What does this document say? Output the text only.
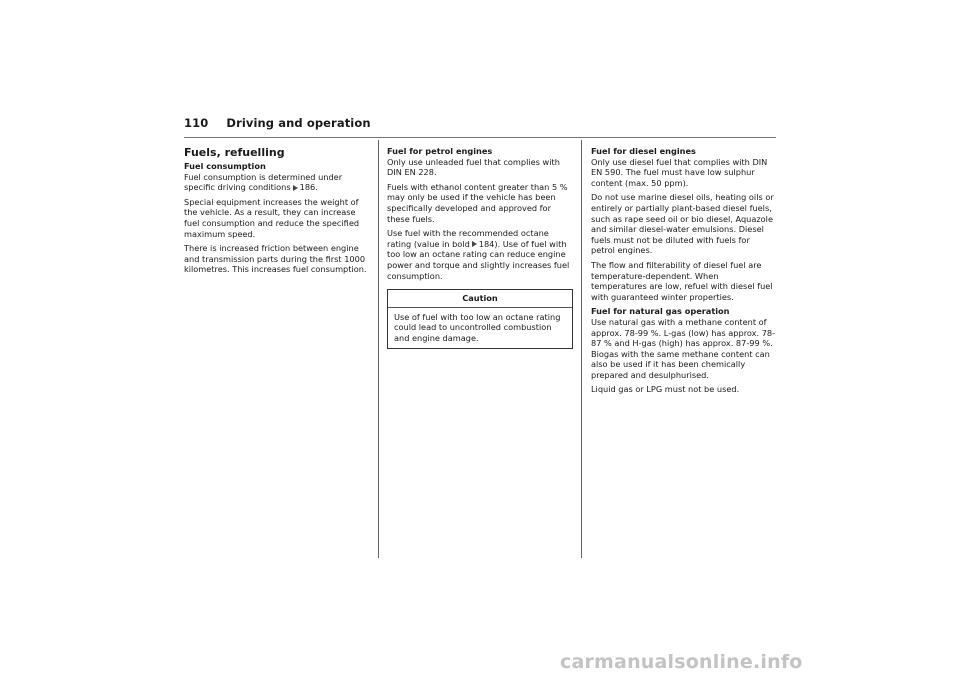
110 Driving and operation
Fuels, refuelling

Fuel consumption
Fuel consumption is determined under specific driving conditions 186.

Special equipment increases the weight of the vehicle. As a result, they can increase fuel consumption and reduce the specified maximum speed.

There is increased friction between engine and transmission parts during the first 1000 kilometres. This increases fuel consumption.

Fuel for petrol engines
Only use unleaded fuel that complies with DIN EN 228.

Fuels with ethanol content greater than 5 % may only be used if the vehicle has been specifically developed and approved for these fuels.

Use fuel with the recommended octane rating (value in bold 184). Use of fuel with too low an octane rating can reduce engine power and torque and slightly increases fuel consumption.

Caution
Use of fuel with too low an octane rating could lead to uncontrolled combustion and engine damage.

Fuel for diesel engines
Only use diesel fuel that complies with DIN EN 590. The fuel must have low sulphur content (max. 50 ppm).

Do not use marine diesel oils, heating oils or entirely or partially plant-based diesel fuels, such as rape seed oil or bio diesel, Aquazole and similar diesel-water emulsions. Diesel fuels must not be diluted with fuels for petrol engines.

The flow and filterability of diesel fuel are temperature-dependent. When temperatures are low, refuel with diesel fuel with guaranteed winter properties.

Fuel for natural gas operation
Use natural gas with a methane content of approx. 78-99 %. L-gas (low) has approx. 78-87 % and H-gas (high) has approx. 87-99 %. Biogas with the same methane content can also be used if it has been chemically prepared and desulphurised.

Liquid gas or LPG must not be used.

carmanualsonline.info
